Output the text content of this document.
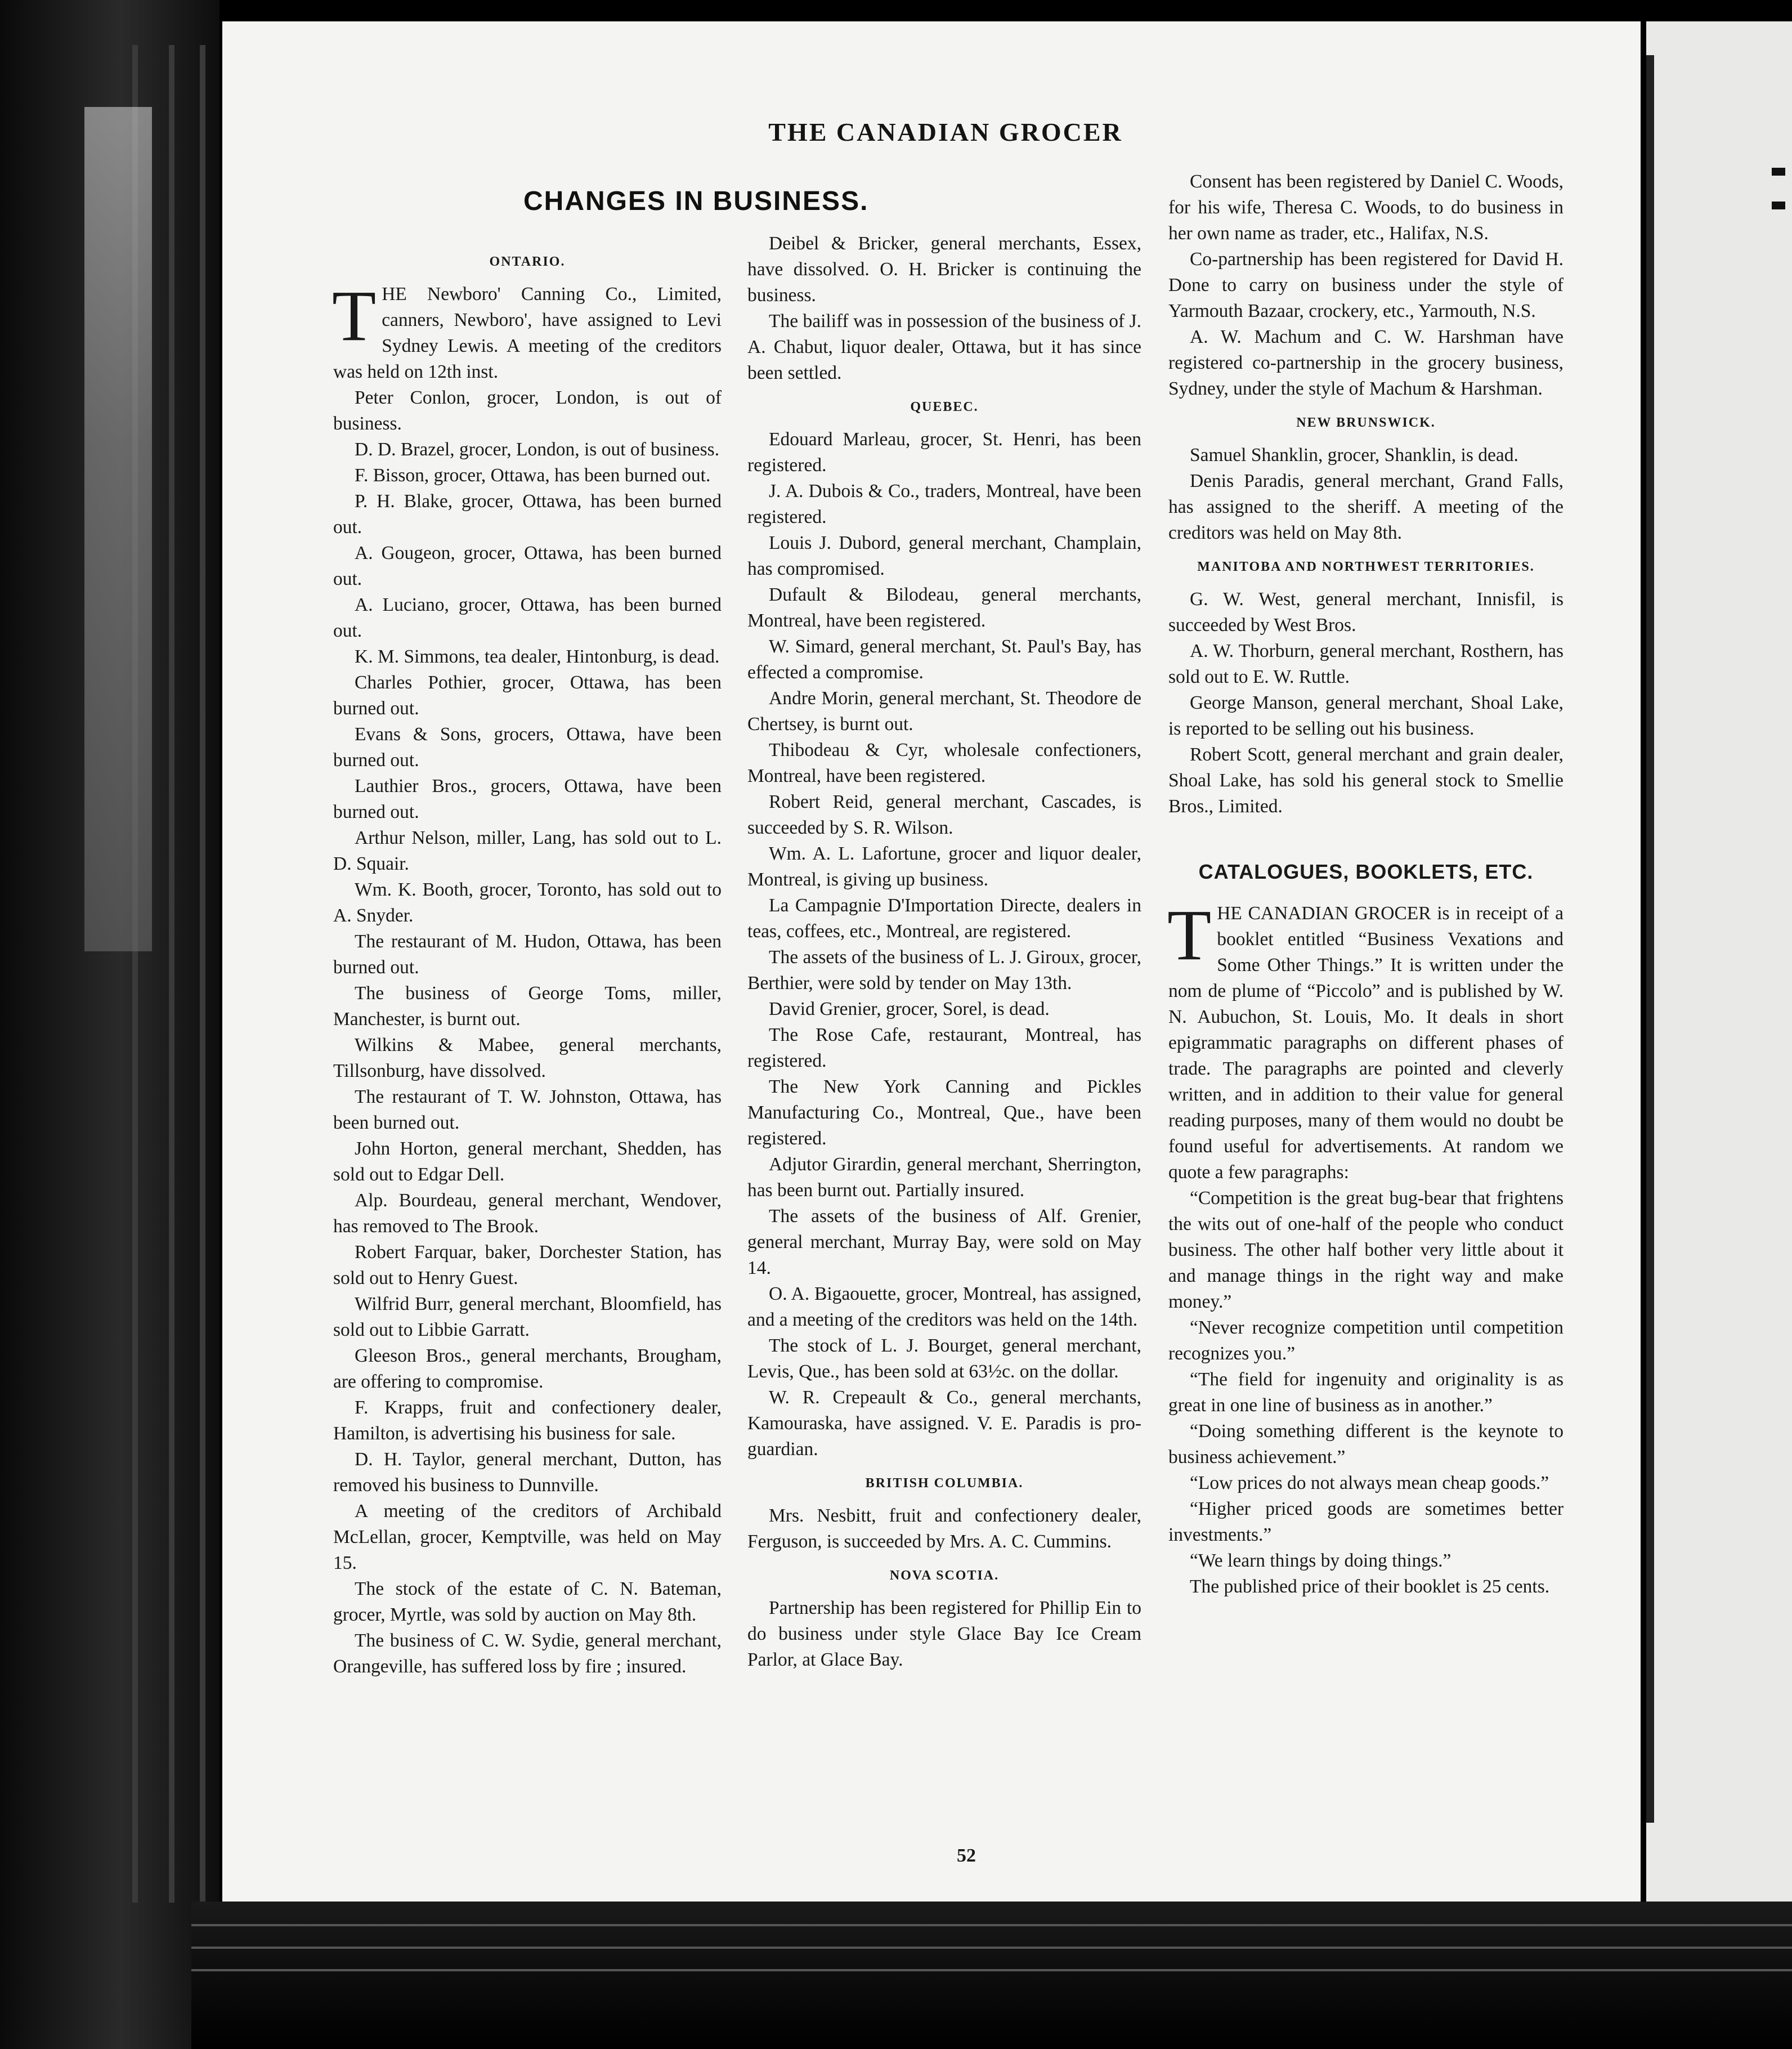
THE CANADIAN GROCER
CHANGES IN BUSINESS.

ONTARIO.

THE Newboro' Canning Co., Limited, canners, Newboro', have assigned to Levi Sydney Lewis. A meeting of the creditors was held on 12th inst.

Peter Conlon, grocer, London, is out of business.

D. D. Brazel, grocer, London, is out of business.

F. Bisson, grocer, Ottawa, has been burned out.

P. H. Blake, grocer, Ottawa, has been burned out.

A. Gougeon, grocer, Ottawa, has been burned out.

A. Luciano, grocer, Ottawa, has been burned out.

K. M. Simmons, tea dealer, Hintonburg, is dead.

Charles Pothier, grocer, Ottawa, has been burned out.

Evans & Sons, grocers, Ottawa, have been burned out.

Lauthier Bros., grocers, Ottawa, have been burned out.

Arthur Nelson, miller, Lang, has sold out to L. D. Squair.

Wm. K. Booth, grocer, Toronto, has sold out to A. Snyder.

The restaurant of M. Hudon, Ottawa, has been burned out.

The business of George Toms, miller, Manchester, is burnt out.

Wilkins & Mabee, general merchants, Tillsonburg, have dissolved.

The restaurant of T. W. Johnston, Ottawa, has been burned out.

John Horton, general merchant, Shedden, has sold out to Edgar Dell.

Alp. Bourdeau, general merchant, Wendover, has removed to The Brook.

Robert Farquar, baker, Dorchester Station, has sold out to Henry Guest.

Wilfrid Burr, general merchant, Bloomfield, has sold out to Libbie Garratt.

Gleeson Bros., general merchants, Brougham, are offering to compromise.

F. Krapps, fruit and confectionery dealer, Hamilton, is advertising his business for sale.

D. H. Taylor, general merchant, Dutton, has removed his business to Dunnville.

A meeting of the creditors of Archibald McLellan, grocer, Kemptville, was held on May 15.

The stock of the estate of C. N. Bateman, grocer, Myrtle, was sold by auction on May 8th.

The business of C. W. Sydie, general merchant, Orangeville, has suffered loss by fire ; insured.

Deibel & Bricker, general merchants, Essex, have dissolved. O. H. Bricker is continuing the business.

The bailiff was in possession of the business of J. A. Chabut, liquor dealer, Ottawa, but it has since been settled.

QUEBEC.

Edouard Marleau, grocer, St. Henri, has been registered.

J. A. Dubois & Co., traders, Montreal, have been registered.

Louis J. Dubord, general merchant, Champlain, has compromised.

Dufault & Bilodeau, general merchants, Montreal, have been registered.

W. Simard, general merchant, St. Paul's Bay, has effected a compromise.

Andre Morin, general merchant, St. Theodore de Chertsey, is burnt out.

Thibodeau & Cyr, wholesale confectioners, Montreal, have been registered.

Robert Reid, general merchant, Cascades, is succeeded by S. R. Wilson.

Wm. A. L. Lafortune, grocer and liquor dealer, Montreal, is giving up business.

La Campagnie D'Importation Directe, dealers in teas, coffees, etc., Montreal, are registered.

The assets of the business of L. J. Giroux, grocer, Berthier, were sold by tender on May 13th.

David Grenier, grocer, Sorel, is dead.

The Rose Cafe, restaurant, Montreal, has registered.

The New York Canning and Pickles Manufacturing Co., Montreal, Que., have been registered.

Adjutor Girardin, general merchant, Sherrington, has been burnt out. Partially insured.

The assets of the business of Alf. Grenier, general merchant, Murray Bay, were sold on May 14.

O. A. Bigaouette, grocer, Montreal, has assigned, and a meeting of the creditors was held on the 14th.

The stock of L. J. Bourget, general merchant, Levis, Que., has been sold at 63½c. on the dollar.

W. R. Crepeault & Co., general merchants, Kamouraska, have assigned. V. E. Paradis is pro-guardian.

BRITISH COLUMBIA.

Mrs. Nesbitt, fruit and confectionery dealer, Ferguson, is succeeded by Mrs. A. C. Cummins.

NOVA SCOTIA.

Partnership has been registered for Phillip Ein to do business under style Glace Bay Ice Cream Parlor, at Glace Bay.

Consent has been registered by Daniel C. Woods, for his wife, Theresa C. Woods, to do business in her own name as trader, etc., Halifax, N.S.

Co-partnership has been registered for David H. Done to carry on business under the style of Yarmouth Bazaar, crockery, etc., Yarmouth, N.S.

A. W. Machum and C. W. Harshman have registered co-partnership in the grocery business, Sydney, under the style of Machum & Harshman.

NEW BRUNSWICK.

Samuel Shanklin, grocer, Shanklin, is dead.

Denis Paradis, general merchant, Grand Falls, has assigned to the sheriff. A meeting of the creditors was held on May 8th.

MANITOBA AND NORTHWEST TERRITORIES.

G. W. West, general merchant, Innisfil, is succeeded by West Bros.

A. W. Thorburn, general merchant, Rosthern, has sold out to E. W. Ruttle.

George Manson, general merchant, Shoal Lake, is reported to be selling out his business.

Robert Scott, general merchant and grain dealer, Shoal Lake, has sold his general stock to Smellie Bros., Limited.

CATALOGUES, BOOKLETS, ETC.

THE CANADIAN GROCER is in receipt of a booklet entitled “Business Vexations and Some Other Things.” It is written under the nom de plume of “Piccolo” and is published by W. N. Aubuchon, St. Louis, Mo. It deals in short epigrammatic paragraphs on different phases of trade. The paragraphs are pointed and cleverly written, and in addition to their value for general reading purposes, many of them would no doubt be found useful for advertisements. At random we quote a few paragraphs:

“Competition is the great bug-bear that frightens the wits out of one-half of the people who conduct business. The other half bother very little about it and manage things in the right way and make money.”

“Never recognize competition until competition recognizes you.”

“The field for ingenuity and originality is as great in one line of business as in another.”

“Doing something different is the keynote to business achievement.”

“Low prices do not always mean cheap goods.”

“Higher priced goods are sometimes better investments.”

“We learn things by doing things.”

The published price of their booklet is 25 cents.

52
